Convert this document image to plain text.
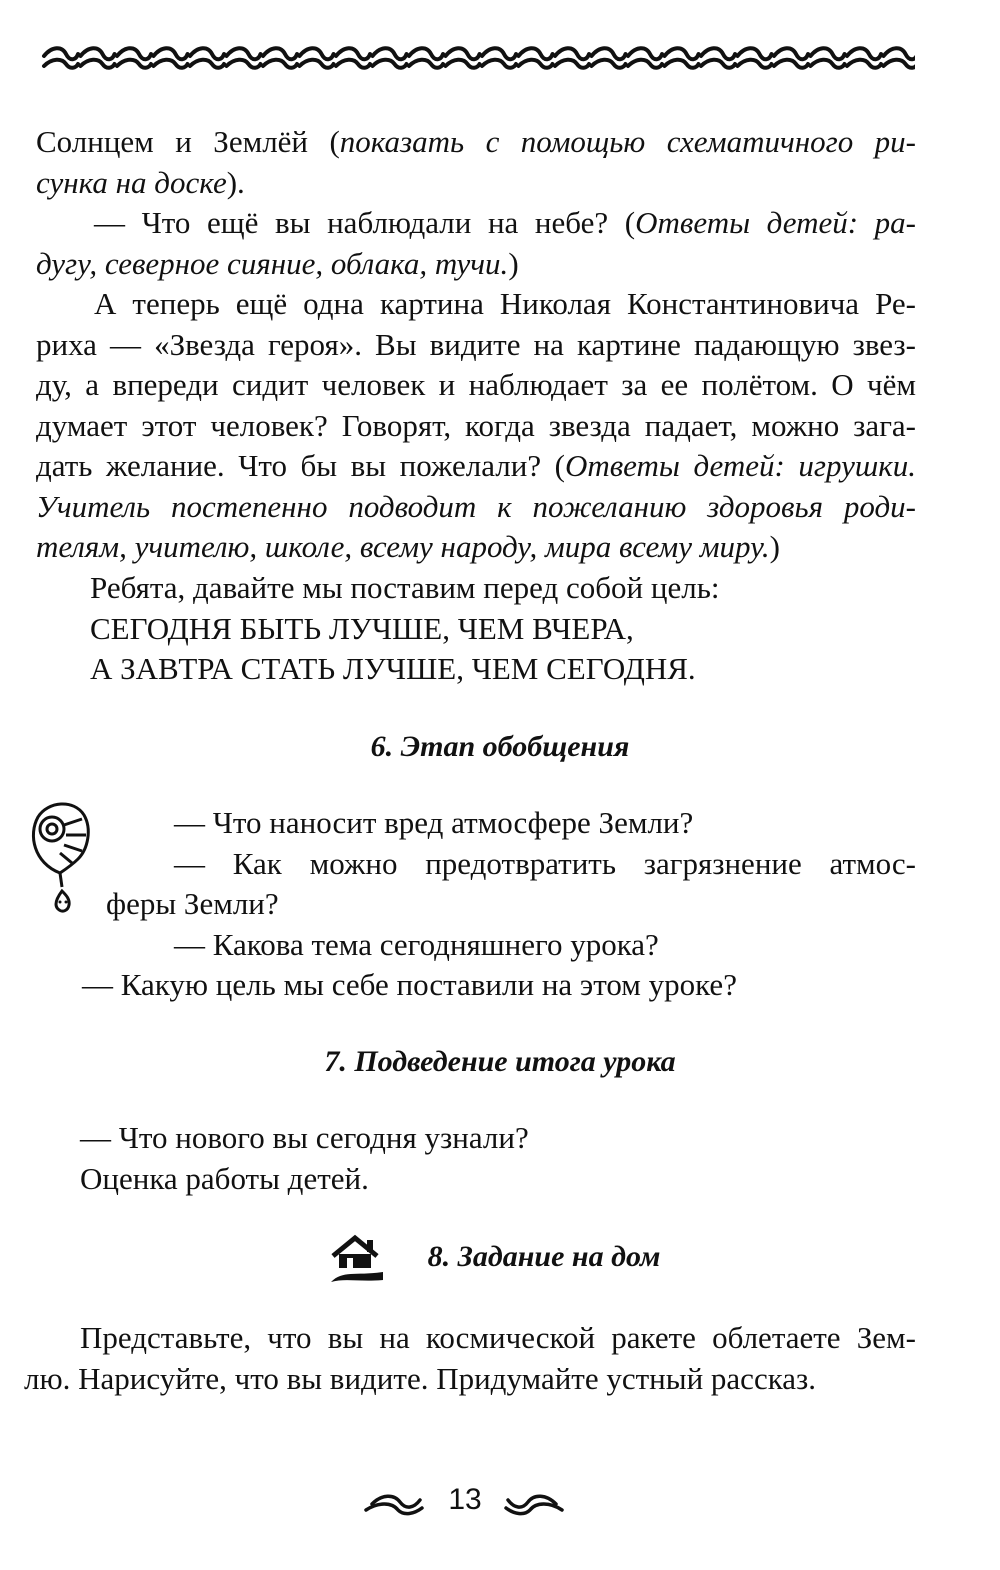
Солнцем и Землёй (показать с помощью схематичного ри-
сунка на доске).
— Что ещё вы наблюдали на небе? (Ответы детей: ра-
дугу, северное сияние, облака, тучи.)
А теперь ещё одна картина Николая Константиновича Ре-
риха — «Звезда героя». Вы видите на картине падающую звез-
ду, а впереди сидит человек и наблюдает за ее полётом. О чём
думает этот человек? Говорят, когда звезда падает, можно зага-
дать желание. Что бы вы пожелали? (Ответы детей: игрушки.
Учитель постепенно подводит к пожеланию здоровья роди-
телям, учителю, школе, всему народу, мира всему миру.)
Ребята, давайте мы поставим перед собой цель:
СЕГОДНЯ БЫТЬ ЛУЧШЕ, ЧЕМ ВЧЕРА,
А ЗАВТРА СТАТЬ ЛУЧШЕ, ЧЕМ СЕГОДНЯ.
6. Этап обобщения
— Что наносит вред атмосфере Земли?
— Как можно предотвратить загрязнение атмос-
феры Земли?
— Какова тема сегодняшнего урока?
— Какую цель мы себе поставили на этом уроке?
7. Подведение итога урока
— Что нового вы сегодня узнали?
Оценка работы детей.
8. Задание на дом
Представьте, что вы на космической ракете облетаете Зем-
лю. Нарисуйте, что вы видите. Придумайте устный рассказ.
13
